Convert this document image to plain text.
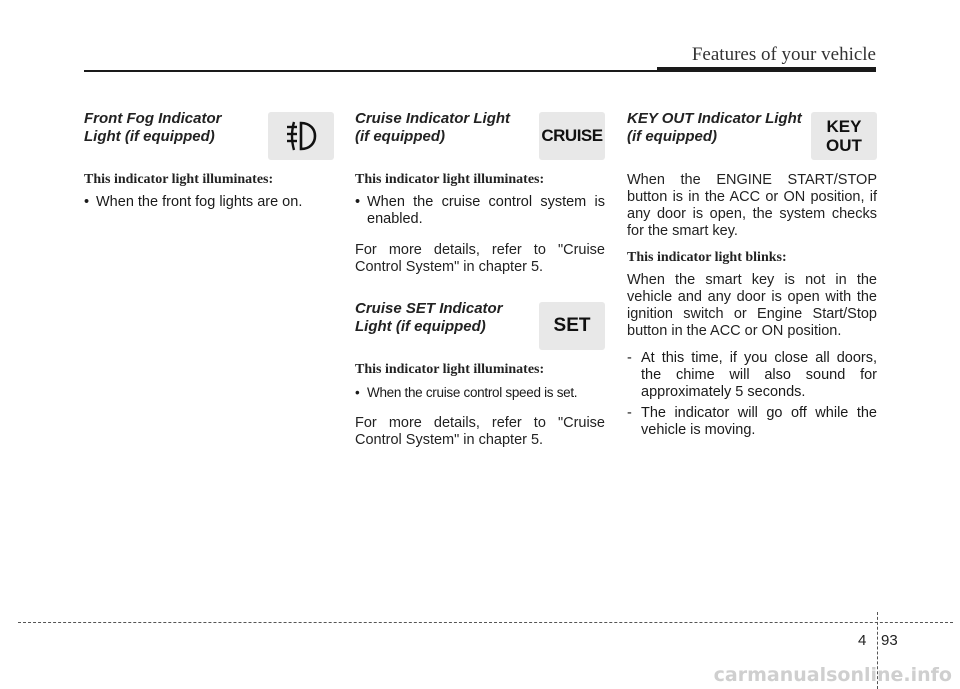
Features of your vehicle
Front Fog Indicator
Light (if equipped)
This indicator light illuminates:
• When the front fog lights are on.
Cruise Indicator Light
(if equipped)	CRUISE
This indicator light illuminates:
• When the cruise control system is enabled.
For more details, refer to "Cruise Control System" in chapter 5.
Cruise SET Indicator
Light (if equipped)	SET
This indicator light illuminates:
• When the cruise control speed is set.
For more details, refer to "Cruise Control System" in chapter 5.
KEY OUT Indicator Light
(if equipped)
KEY
OUT
When the ENGINE START/STOP button is in the ACC or ON position, if any door is open, the system checks for the smart key.
This indicator light blinks:
When the smart key is not in the vehicle and any door is open with the ignition switch or Engine Start/Stop button in the ACC or ON position.
- At this time, if you close all doors, the chime will also sound for approximately 5 seconds.
- The indicator will go off while the vehicle is moving.
4 93
carmanualsonline.info
